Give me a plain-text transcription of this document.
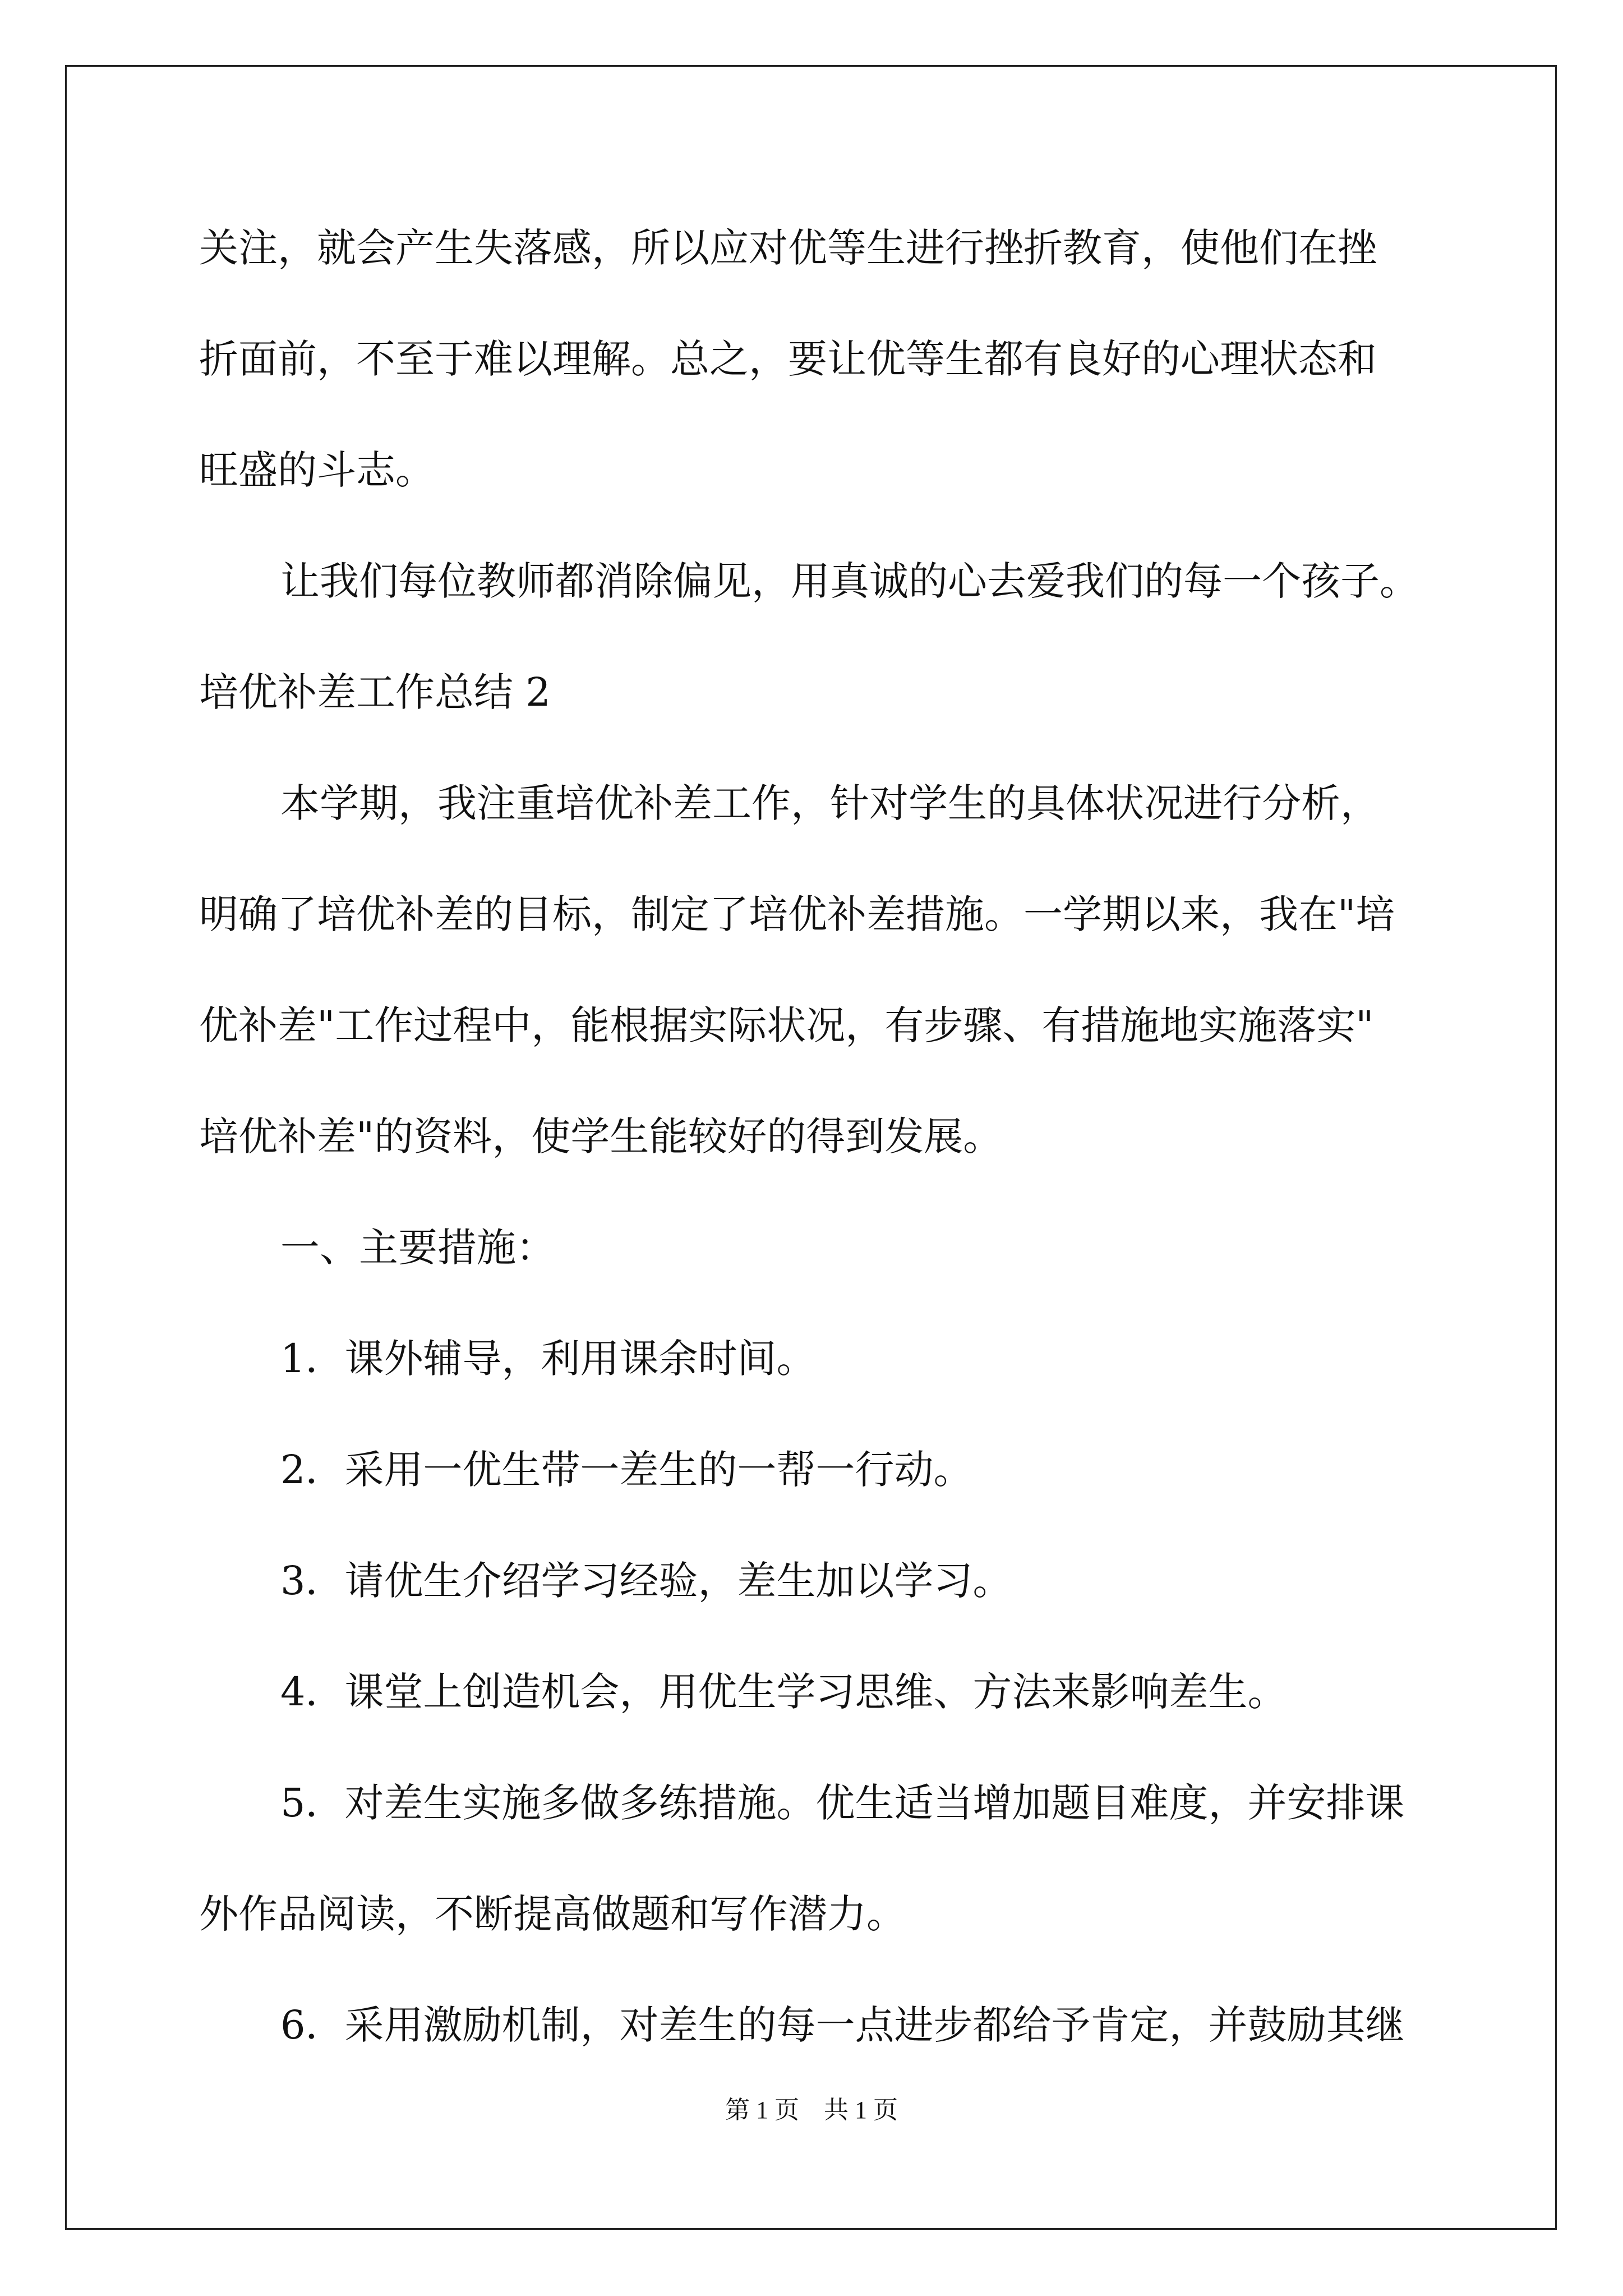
关注，就会产生失落感，所以应对优等生进行挫折教育，使他们在挫
折面前，不至于难以理解。总之，要让优等生都有良好的心理状态和
旺盛的斗志。
让我们每位教师都消除偏见，用真诚的心去爱我们的每一个孩子。
培优补差工作总结 2
本学期，我注重培优补差工作，针对学生的具体状况进行分析，
明确了培优补差的目标，制定了培优补差措施。一学期以来，我在"培
优补差"工作过程中，能根据实际状况，有步骤、有措施地实施落实"
培优补差"的资料，使学生能较好的得到发展。
一、主要措施：
1．课外辅导，利用课余时间。
2．采用一优生带一差生的一帮一行动。
3．请优生介绍学习经验，差生加以学习。
4．课堂上创造机会，用优生学习思维、方法来影响差生。
5．对差生实施多做多练措施。优生适当增加题目难度，并安排课
外作品阅读，不断提高做题和写作潜力。
6．采用激励机制，对差生的每一点进步都给予肯定，并鼓励其继
第 1 页　共 1 页
